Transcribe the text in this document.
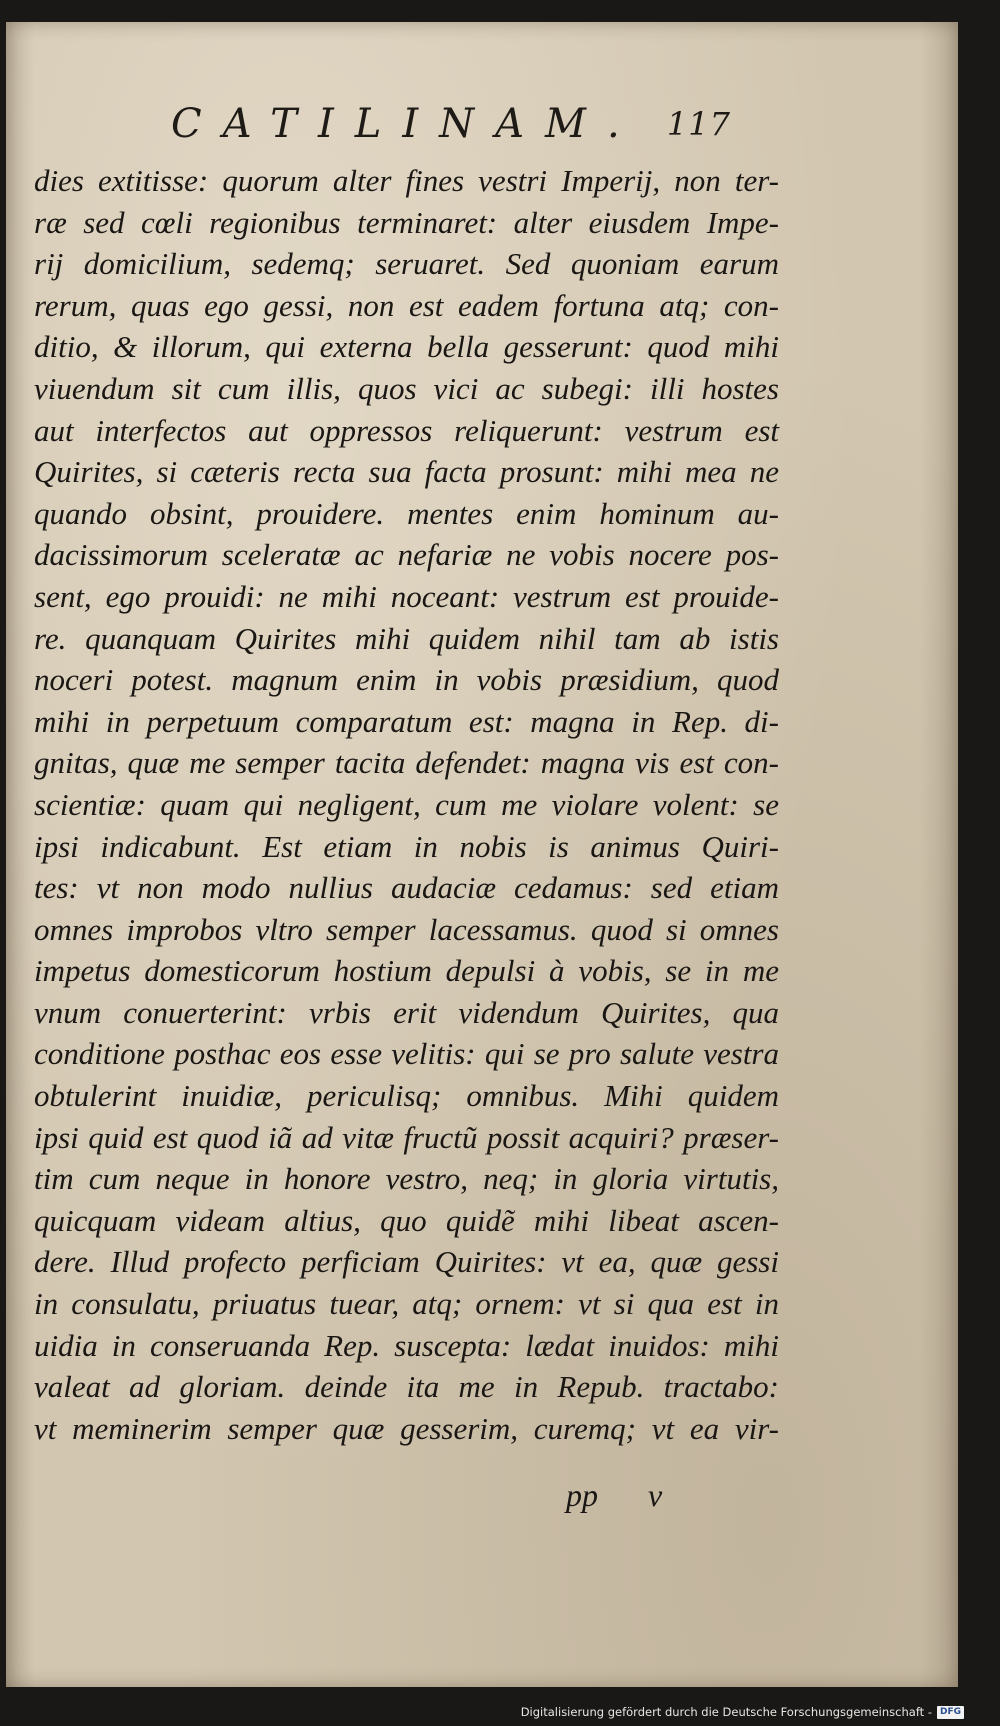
CATILINAM. 117
dies extitisse: quorum alter fines vestri Imperij, non ter-
ræ sed cœli regionibus terminaret: alter eiusdem Impe-
rij domicilium, sedemq; seruaret. Sed quoniam earum
rerum, quas ego gessi, non est eadem fortuna atq; con-
ditio, & illorum, qui externa bella gesserunt: quod mihi
viuendum sit cum illis, quos vici ac subegi: illi hostes
aut interfectos aut oppressos reliquerunt: vestrum est
Quirites, si cæteris recta sua facta prosunt: mihi mea ne
quando obsint, prouidere. mentes enim hominum au-
dacissimorum sceleratæ ac nefariæ ne vobis nocere pos-
sent, ego prouidi: ne mihi noceant: vestrum est prouide-
re. quanquam Quirites mihi quidem nihil tam ab istis
noceri potest. magnum enim in vobis præsidium, quod
mihi in perpetuum comparatum est: magna in Rep. di-
gnitas, quæ me semper tacita defendet: magna vis est con-
scientiæ: quam qui negligent, cum me violare volent: se
ipsi indicabunt. Est etiam in nobis is animus Quiri-
tes: vt non modo nullius audaciæ cedamus: sed etiam
omnes improbos vltro semper lacessamus. quod si omnes
impetus domesticorum hostium depulsi à vobis, se in me
vnum conuerterint: vrbis erit videndum Quirites, qua
conditione posthac eos esse velitis: qui se pro salute vestra
obtulerint inuidiæ, periculisq; omnibus. Mihi quidem
ipsi quid est quod iã ad vitæ fructũ possit acquiri? præser-
tim cum neque in honore vestro, neq; in gloria virtutis,
quicquam videam altius, quo quidẽ mihi libeat ascen-
dere. Illud profecto perficiam Quirites: vt ea, quæ gessi
in consulatu, priuatus tuear, atq; ornem: vt si qua est in
uidia in conseruanda Rep. suscepta: lædat inuidos: mihi
valeat ad gloriam. deinde ita me in Repub. tractabo:
vt meminerim semper quæ gesserim, curemq; vt ea vir-
pp v
Digitalisierung gefördert durch die Deutsche Forschungsgemeinschaft - DFG
